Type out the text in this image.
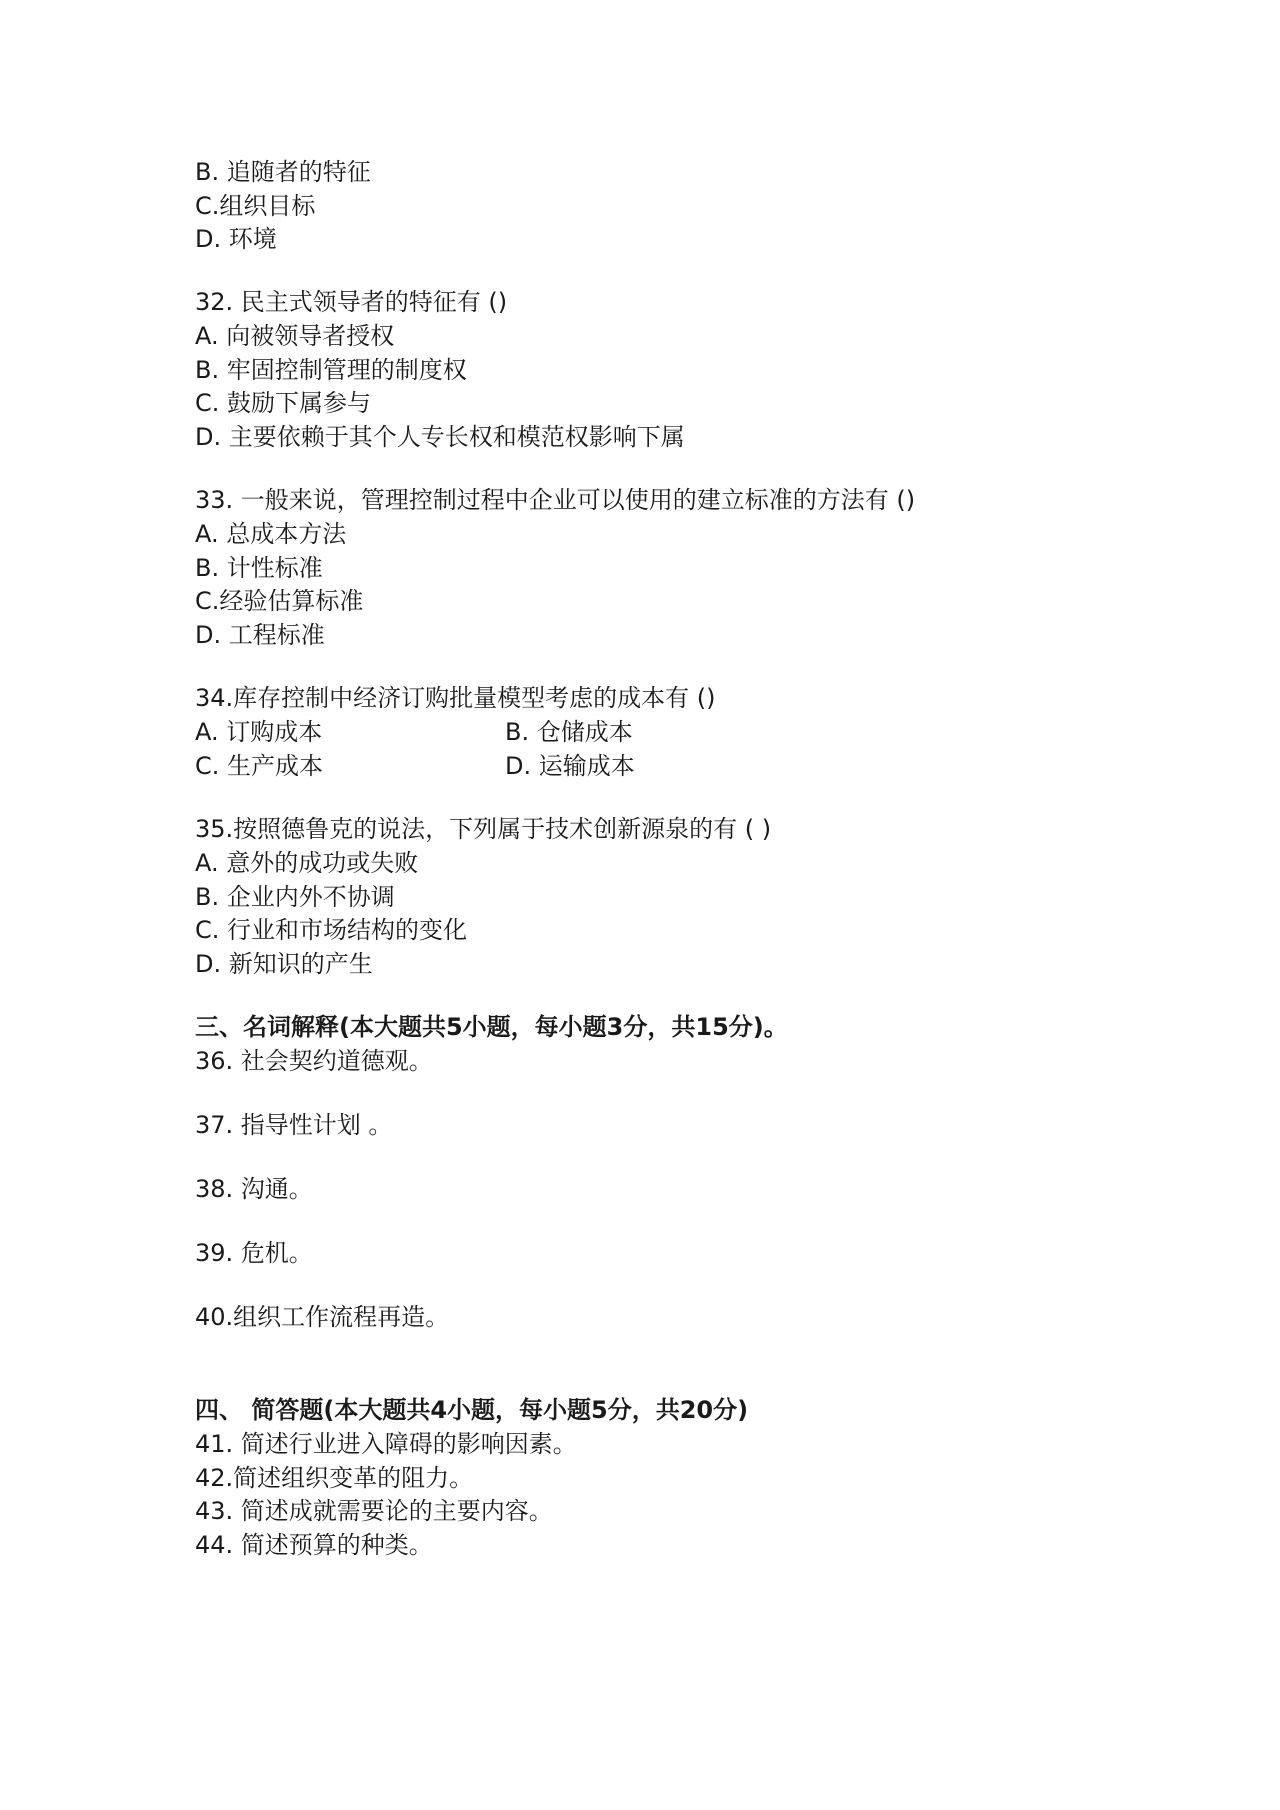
B. 追随者的特征
C.组织目标
D. 环境
32. 民主式领导者的特征有 ()
A. 向被领导者授权
B. 牢固控制管理的制度权
C. 鼓励下属参与
D. 主要依赖于其个人专长权和模范权影响下属
33. 一般来说，管理控制过程中企业可以使用的建立标准的方法有 ()
A. 总成本方法
B. 计性标准
C.经验估算标准
D. 工程标准
34.库存控制中经济订购批量模型考虑的成本有 ()
A. 订购成本	B. 仓储成本
C. 生产成本	D. 运输成本
35.按照德鲁克的说法，下列属于技术创新源泉的有 ( )
A. 意外的成功或失败
B. 企业内外不协调
C. 行业和市场结构的变化
D. 新知识的产生
三、名词解释(本大题共5小题，每小题3分，共15分)。
36. 社会契约道德观。
37. 指导性计划 。
38. 沟通。
39. 危机。
40.组织工作流程再造。
四、 简答题(本大题共4小题，每小题5分，共20分)
41. 简述行业进入障碍的影响因素。
42.简述组织变革的阻力。
43. 简述成就需要论的主要内容。
44. 简述预算的种类。
